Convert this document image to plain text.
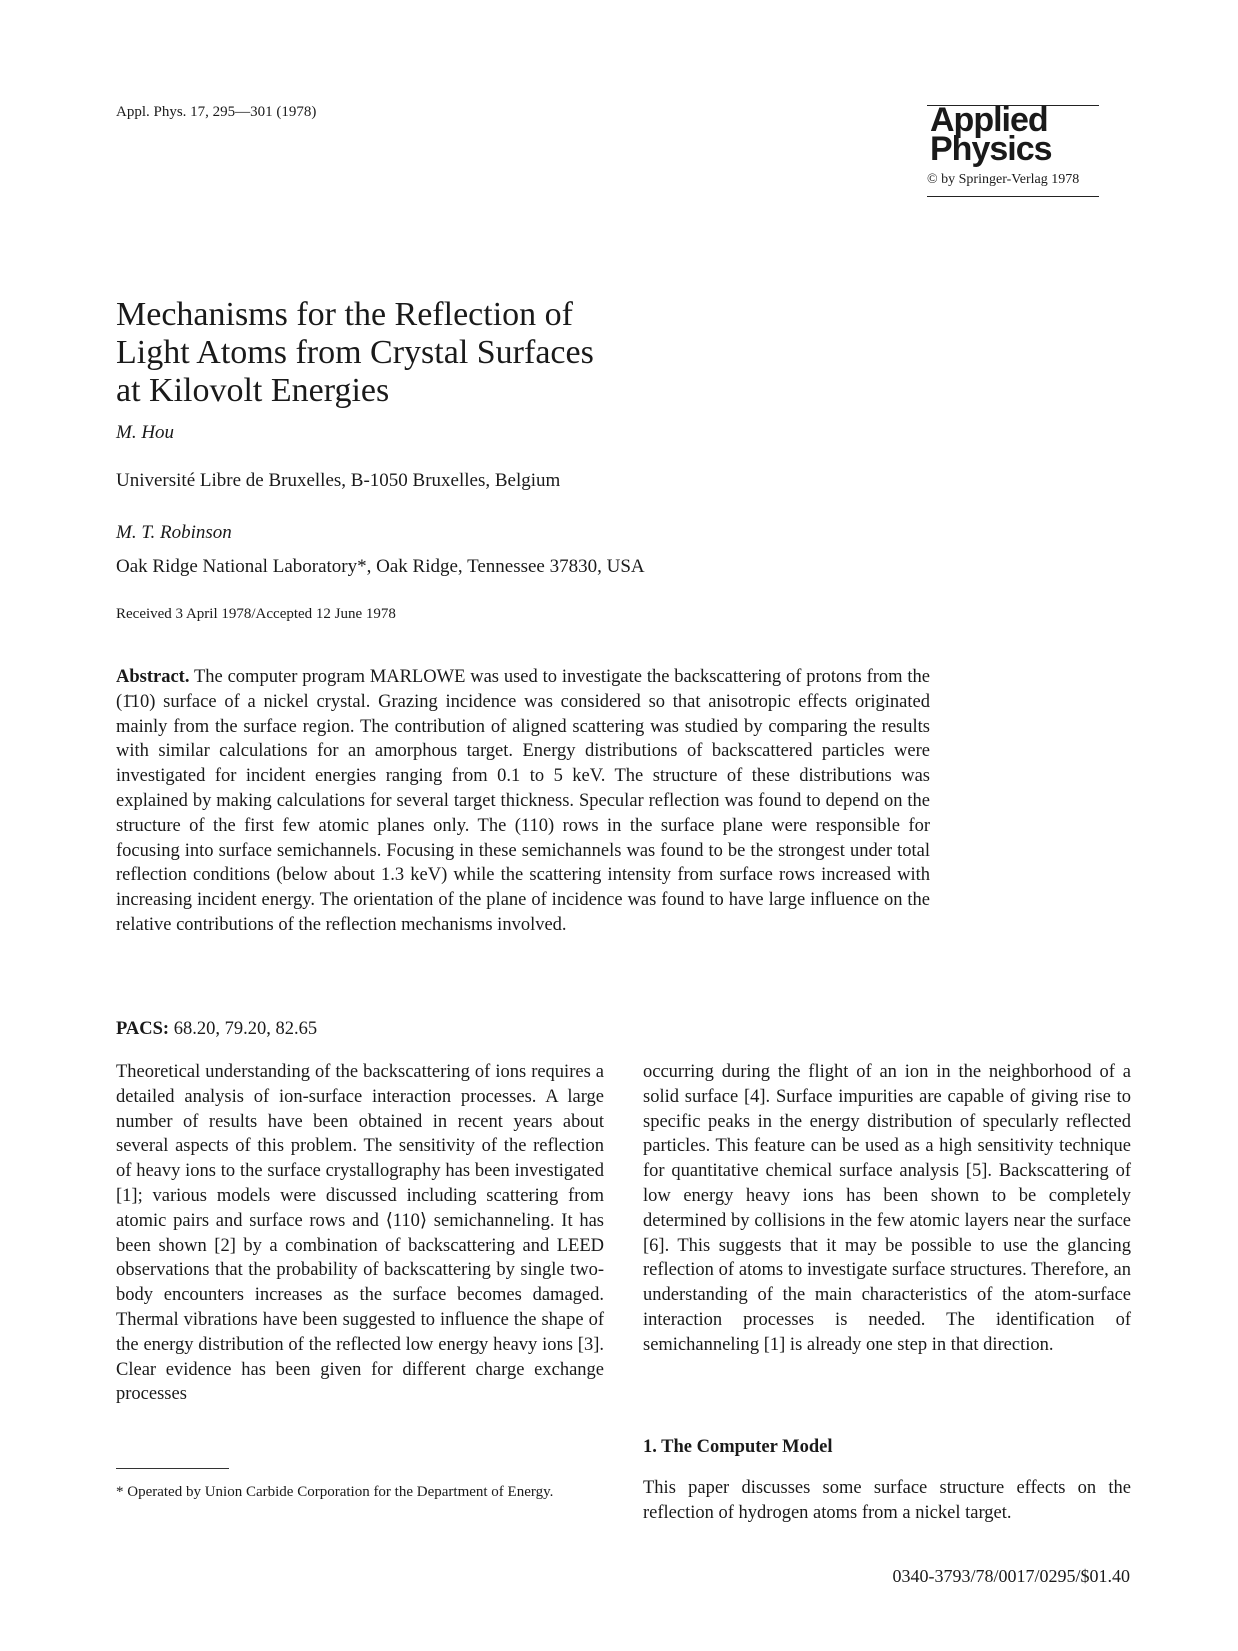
Appl. Phys. 17, 295—301 (1978)	Applied
Physics
© by Springer-Verlag 1978
Mechanisms for the Reflection of
Light Atoms from Crystal Surfaces
at Kilovolt Energies
M. Hou
Université Libre de Bruxelles, B-1050 Bruxelles, Belgium
M. T. Robinson
Oak Ridge National Laboratory*, Oak Ridge, Tennessee 37830, USA
Received 3 April 1978/Accepted 12 June 1978

Abstract. The computer program MARLOWE was used to investigate the backscattering of protons from the (1̄10) surface of a nickel crystal. Grazing incidence was considered so that anisotropic effects originated mainly from the surface region. The contribution of aligned scattering was studied by comparing the results with similar calculations for an amorphous target. Energy distributions of backscattered particles were investigated for incident energies ranging from 0.1 to 5 keV. The structure of these distributions was explained by making calculations for several target thickness. Specular reflection was found to depend on the structure of the first few atomic planes only. The (110) rows in the surface plane were responsible for focusing into surface semichannels. Focusing in these semichannels was found to be the strongest under total reflection conditions (below about 1.3 keV) while the scattering intensity from surface rows increased with increasing incident energy. The orientation of the plane of incidence was found to have large influence on the relative contributions of the reflection mechanisms involved.

PACS: 68.20, 79.20, 82.65

Theoretical understanding of the backscattering of ions requires a detailed analysis of ion-surface interaction processes. A large number of results have been obtained in recent years about several aspects of this problem. The sensitivity of the reflection of heavy ions to the surface crystallography has been investigated [1]; various models were discussed including scattering from atomic pairs and surface rows and ⟨110⟩ semichanneling. It has been shown [2] by a combination of backscattering and LEED observations that the probability of backscattering by single two-body encounters increases as the surface becomes damaged. Thermal vibrations have been suggested to influence the shape of the energy distribution of the reflected low energy heavy ions [3]. Clear evidence has been given for different charge exchange processes

occurring during the flight of an ion in the neighborhood of a solid surface [4]. Surface impurities are capable of giving rise to specific peaks in the energy distribution of specularly reflected particles. This feature can be used as a high sensitivity technique for quantitative chemical surface analysis [5]. Backscattering of low energy heavy ions has been shown to be completely determined by collisions in the few atomic layers near the surface [6]. This suggests that it may be possible to use the glancing reflection of atoms to investigate surface structures. Therefore, an understanding of the main characteristics of the atom-surface interaction processes is needed. The identification of semichanneling [1] is already one step in that direction.

* Operated by Union Carbide Corporation for the Department of Energy.

1. The Computer Model

This paper discusses some surface structure effects on the reflection of hydrogen atoms from a nickel target.

0340-3793/78/0017/0295/$01.40
